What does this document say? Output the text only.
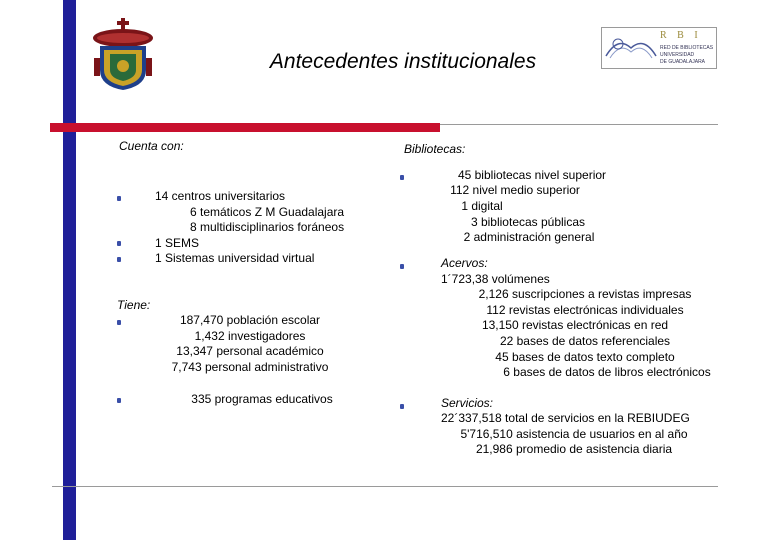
Antecedentes institucionales
R B I
RED DE BIBLIOTECAS
UNIVERSIDAD
DE GUADALAJARA
Cuenta con:
14 centros universitarios
6 temáticos Z M Guadalajara
8 multidisciplinarios foráneos
1 SEMS
1 Sistemas universidad virtual
Tiene:
187,470 población escolar
1,432 investigadores
13,347 personal académico
7,743 personal administrativo
335 programas educativos
Bibliotecas:
45 bibliotecas nivel superior
112 nivel medio superior
1 digital
3 bibliotecas públicas
2 administración general
Acervos:
1´723,38 volúmenes
2,126 suscripciones a revistas impresas
112 revistas electrónicas individuales
13,150 revistas electrónicas en red
22 bases de datos referenciales
45 bases de datos texto completo
6 bases de datos de libros electrónicos
Servicios:
22´337,518 total de servicios en la REBIUDEG
5'716,510 asistencia de usuarios en al año
21,986 promedio de asistencia diaria
